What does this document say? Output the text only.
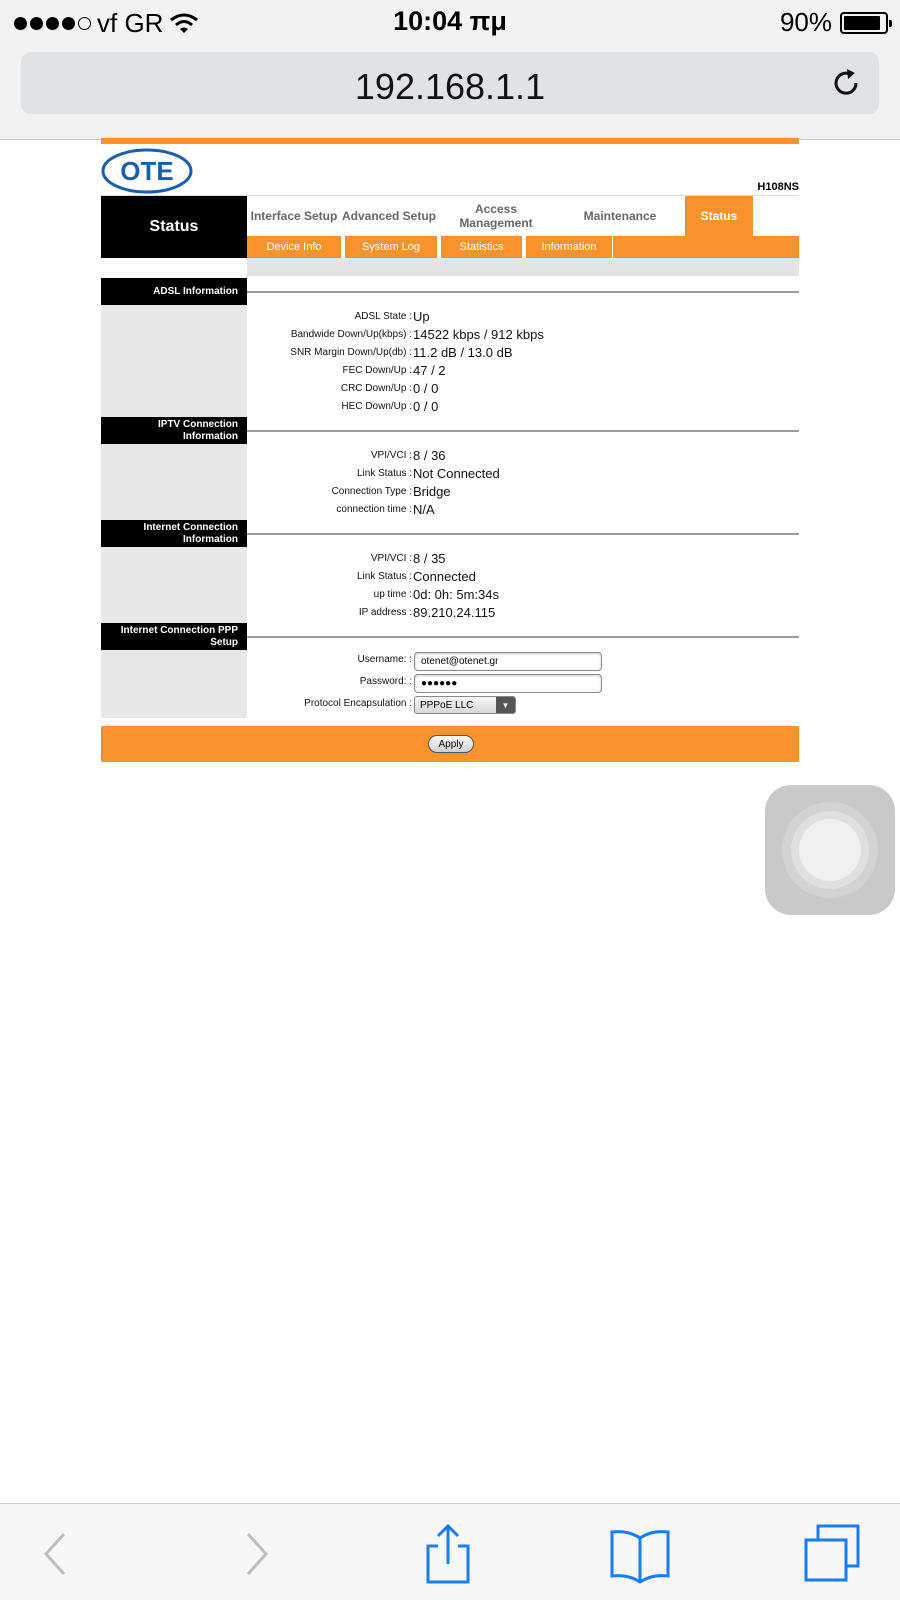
vf GR	10:04 πμ	90%
192.168.1.1
OTE
H108NS
Status
Interface Setup Advanced Setup	Access Management	Maintenance	Status
Device Info	System Log	Statistics	Information
ADSL Information
ADSL State : Up
Bandwide Down/Up(kbps) : 14522 kbps / 912 kbps
SNR Margin Down/Up(db) : 11.2 dB / 13.0 dB
FEC Down/Up : 47 / 2
CRC Down/Up : 0 / 0
HEC Down/Up : 0 / 0
IPTV Connection Information
VPI/VCI : 8 / 36
Link Status : Not Connected
Connection Type : Bridge
connection time : N/A
Internet Connection Information
VPI/VCI : 8 / 35
Link Status : Connected
up time : 0d: 0h: 5m:34s
IP address : 89.210.24.115
Internet Connection PPP Setup
Username: : otenet@otenet.gr
Password: : ●●●●●●
Protocol Encapsulation : PPPoE LLC	▼
Apply
